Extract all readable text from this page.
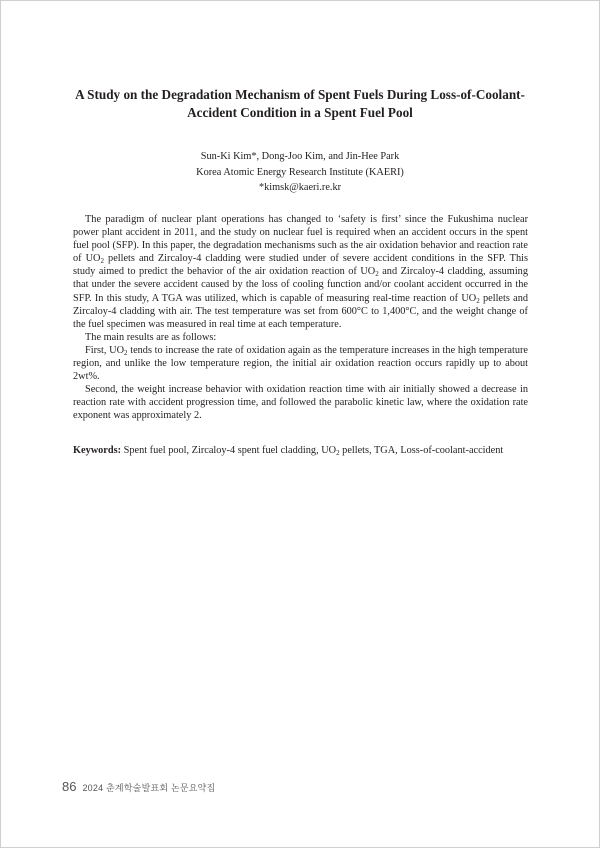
A Study on the Degradation Mechanism of Spent Fuels During Loss-of-Coolant-Accident Condition in a Spent Fuel Pool
Sun-Ki Kim*, Dong-Joo Kim, and Jin-Hee Park
Korea Atomic Energy Research Institute (KAERI)
*kimsk@kaeri.re.kr

The paradigm of nuclear plant operations has changed to ‘safety is first’ since the Fukushima nuclear power plant accident in 2011, and the study on nuclear fuel is required when an accident occurs in the spent fuel pool (SFP). In this paper, the degradation mechanisms such as the air oxidation behavior and reaction rate of $UO_2$ pellets and Zircaloy-4 cladding were studied under of severe accident conditions in the SFP. This study aimed to predict the behavior of the air oxidation reaction of $UO_2$ and Zircaloy-4 cladding, assuming that under the severe accident caused by the loss of cooling function and/or coolant accident occurred in the SFP. In this study, A TGA was utilized, which is capable of measuring real-time reaction of $UO_2$ pellets and Zircaloy-4 cladding with air. The test temperature was set from 600°C to 1,400°C, and the weight change of the fuel specimen was measured in real time at each temperature.

The main results are as follows:

First, $UO_2$ tends to increase the rate of oxidation again as the temperature increases in the high temperature region, and unlike the low temperature region, the initial air oxidation reaction occurs rapidly up to about 2wt%.

Second, the weight increase behavior with oxidation reaction time with air initially showed a decrease in reaction rate with accident progression time, and followed the parabolic kinetic law, where the oxidation rate exponent was approximately 2.

Keywords: Spent fuel pool, Zircaloy-4 spent fuel cladding, $UO_2$ pellets, TGA, Loss-of-coolant-accident
86 2024 춘계학술발표회 논문요약집
